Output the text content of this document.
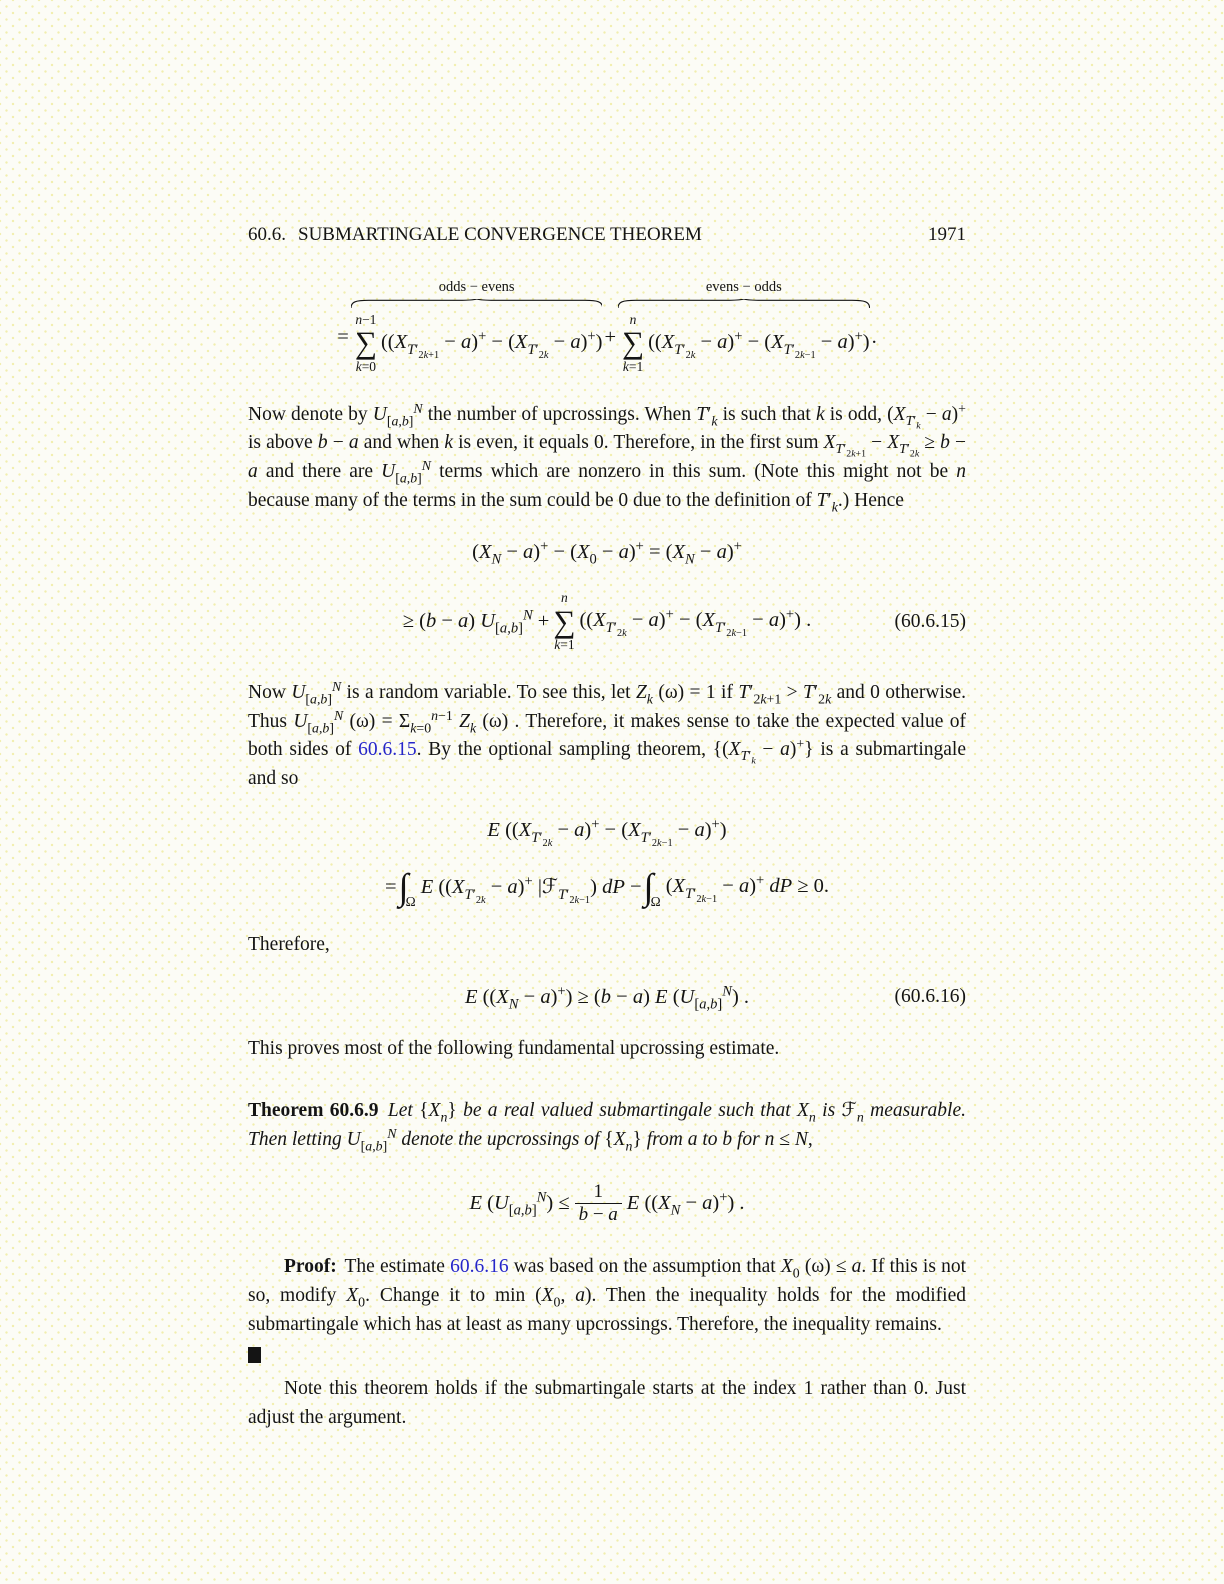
60.6. SUBMARTINGALE CONVERGENCE THEOREM	1971
=
odds − evens
n−1
∑
k=0
$((X_{T'_{2k+1}} - a)^+ - (X_{T'_{2k}} - a)^+)$ +
evens − odds
n
∑
k=1
$((X_{T'_{2k}} - a)^+ - (X_{T'_{2k-1}} - a)^+)$ .

Now denote by $U_{[a,b]}^N$ the number of upcrossings. When $T'_k$ is such that k is odd, $(X_{T'_k} - a)^+$ is above b − a and when k is even, it equals 0. Therefore, in the first sum $X_{T'_{2k+1}} - X_{T'_{2k}} \ge b - a$ and there are $U_{[a,b]}^N$ terms which are nonzero in this sum. (Note this might not be n because many of the terms in the sum could be 0 due to the definition of $T'_k$.) Hence

$(X_N - a)^+ - (X_0 - a)^+ = (X_N - a)^+$
≥ (b − a) $U_{[a,b]}^N$ +
n
∑
k=1
$((X_{T'_{2k}} - a)^+ - (X_{T'_{2k-1}} - a)^+)$ .	(60.6.15)

Now $U_{[a,b]}^N$ is a random variable. To see this, let $Z_k$ (ω) = 1 if $T'_{2k+1} > T'_{2k}$ and 0 otherwise. Thus $U_{[a,b]}^N$ $(\omega) = \Sigma_{k=0}^{n-1}$ $Z_k$ (ω) . Therefore, it makes sense to take the expected value of both sides of 60.6.15. By the optional sampling theorem, $\{(X_{T'_k} - a)^+\}$ is a submartingale and so

E $((X_{T'_{2k}} - a)^+ - (X_{T'_{2k-1}} - a)^+)$
= ∫
Ω
E ($(X_{T'_{2k}} - a)^+$ |ℱ$_{T'_{2k-1}}$) dP − ∫
Ω
$(X_{T'_{2k-1}} - a)^+$ dP ≥ 0.

Therefore,

E $((X_N - a)^+) \ge (b - a)$ E $(U_{[a,b]}^N)$ .	(60.6.16)

This proves most of the following fundamental upcrossing estimate.

Theorem 60.6.9 Let $\{X_n\}$ be a real valued submartingale such that $X_n$ is ℱ$_n$ measurable. Then letting $U_{[a,b]}^N$ denote the upcrossings of $\{X_n\}$ from a to b for n ≤ N,

E $(U_{[a,b]}^N) \le \frac{1}{b - a}$ E $((X_N - a)^+)$ .

Proof: The estimate 60.6.16 was based on the assumption that $X_0$ (ω) ≤ a. If this is not so, modify $X_0$. Change it to $\min (X_0$, a). Then the inequality holds for the modified submartingale which has at least as many upcrossings. Therefore, the inequality remains.

Note this theorem holds if the submartingale starts at the index 1 rather than 0. Just adjust the argument.
